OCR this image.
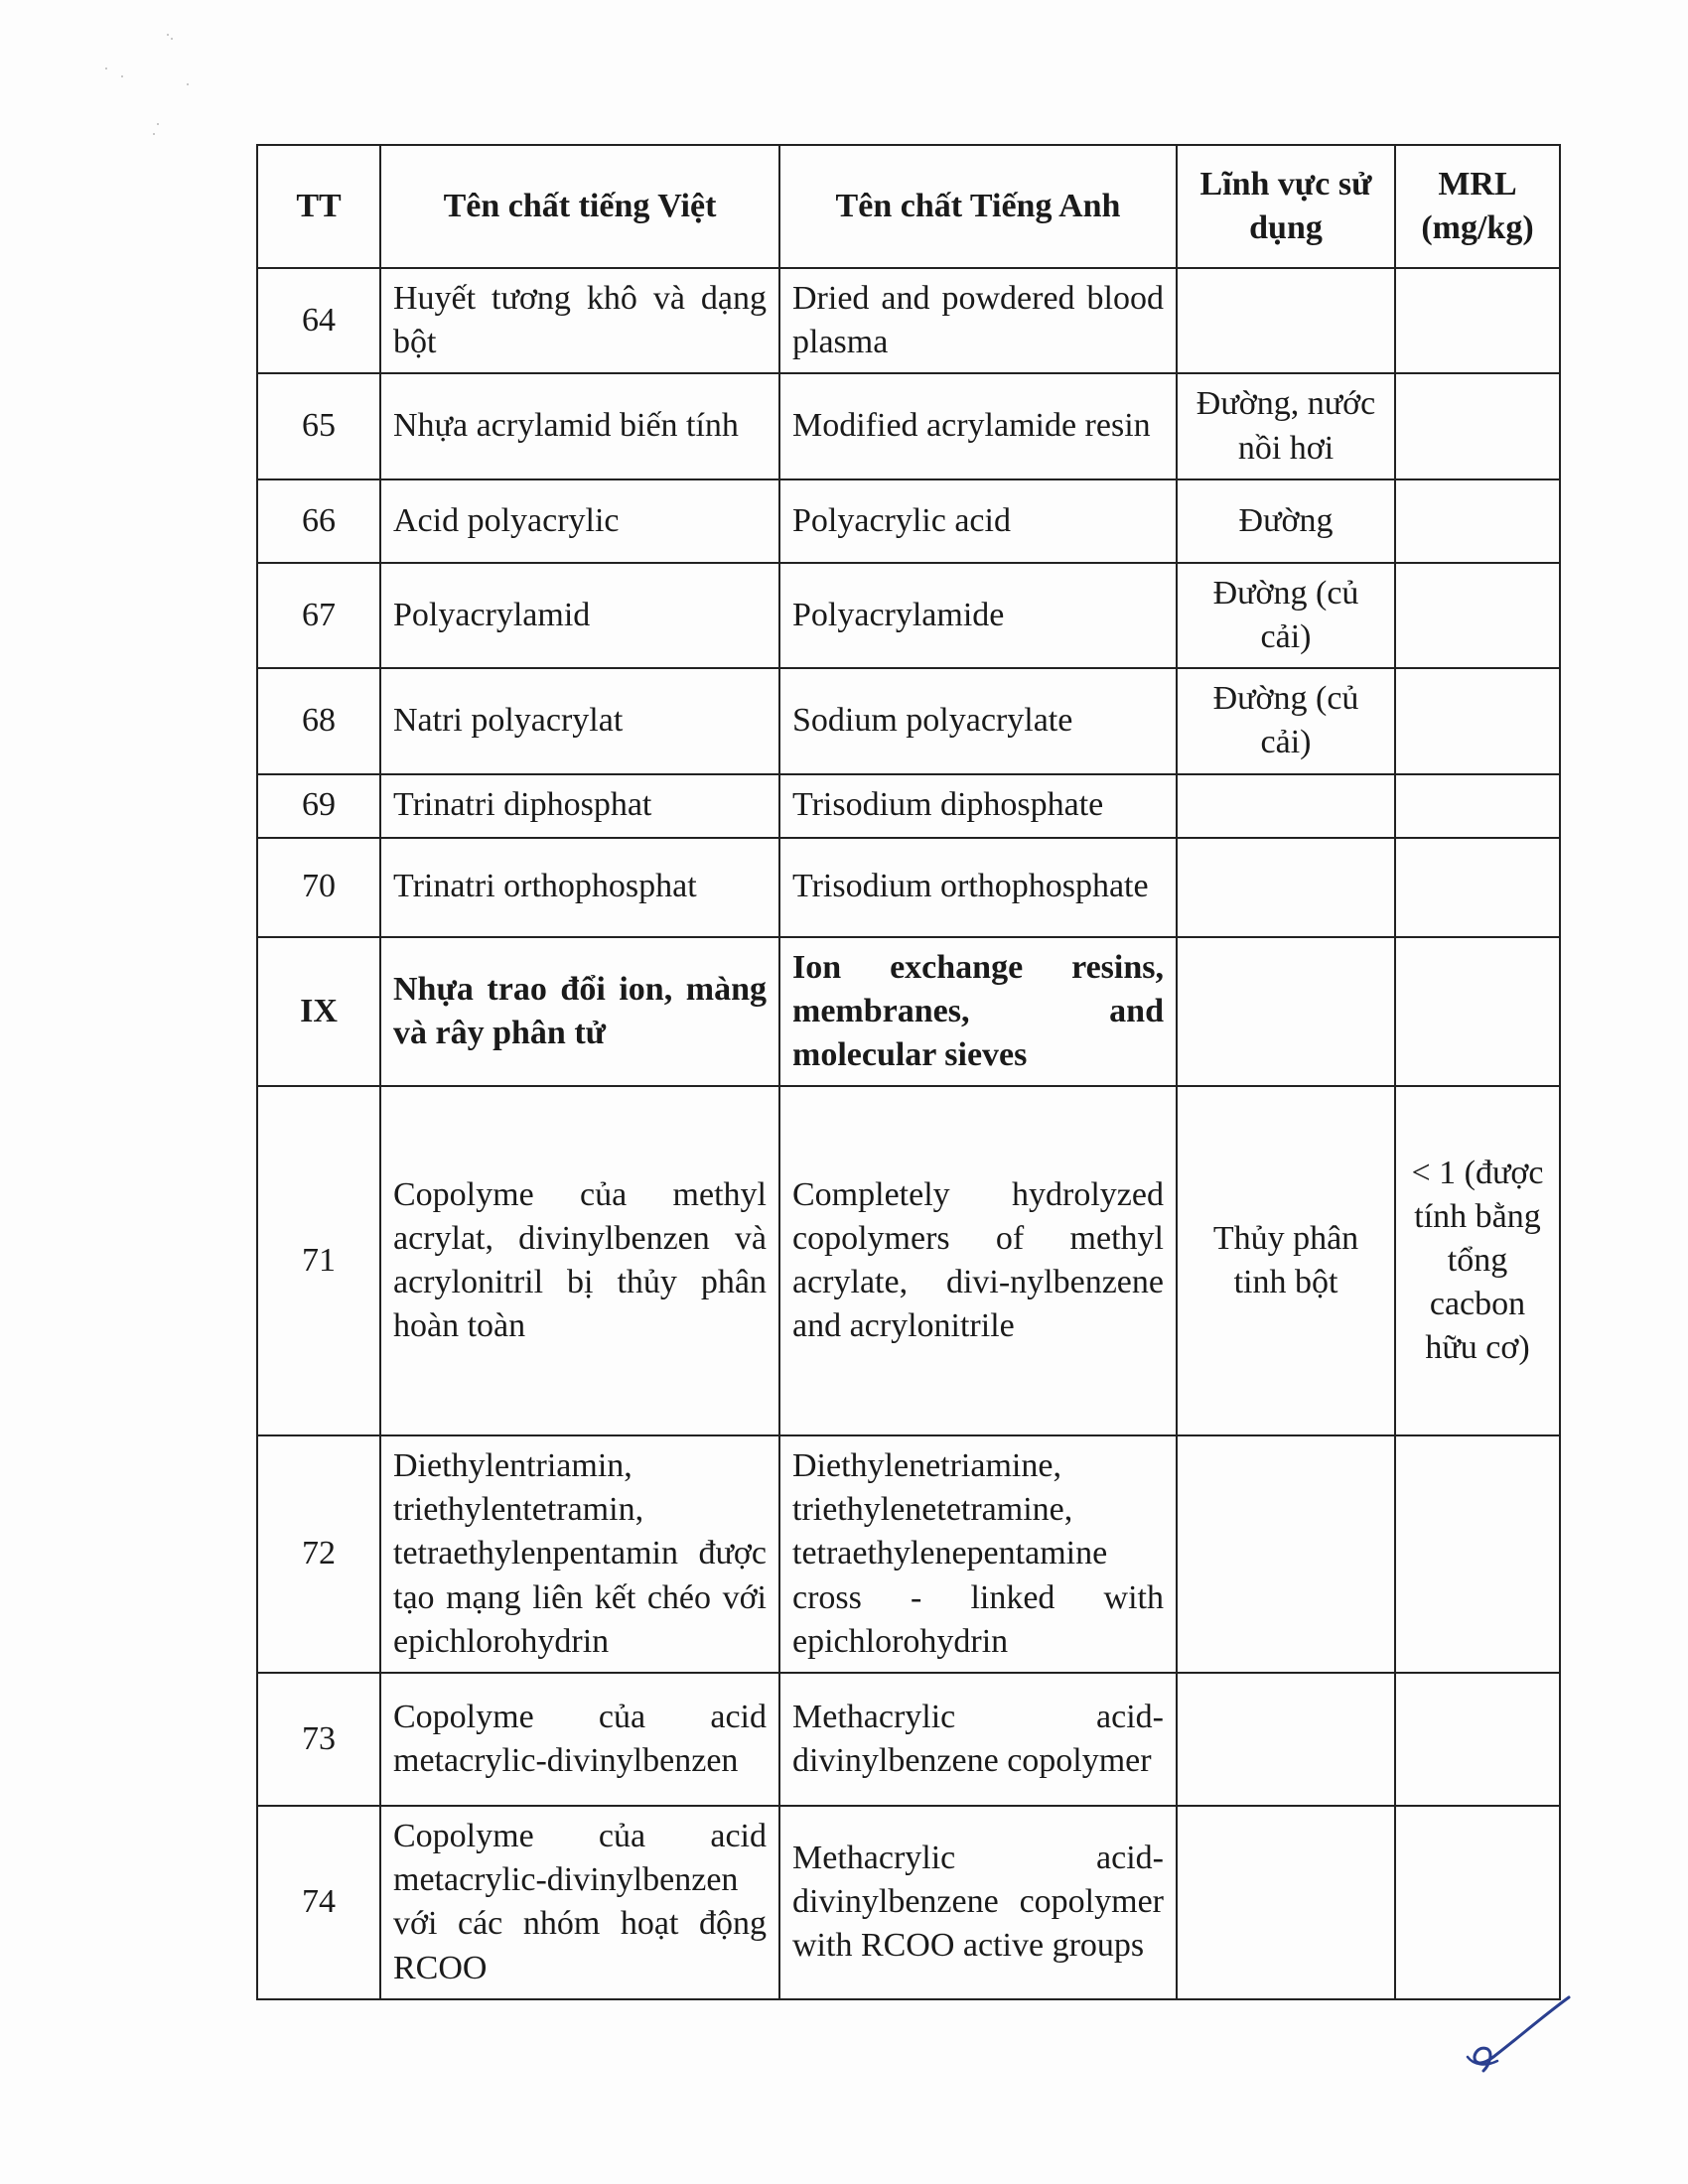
TT	Tên chất tiếng Việt	Tên chất Tiếng Anh	Lĩnh vực sử dụng	MRL (mg/kg)
64	Huyết tương khô và dạng bột	Dried and powdered blood plasma		
65	Nhựa acrylamid biến tính	Modified acrylamide resin	Đường, nước nồi hơi	
66	Acid polyacrylic	Polyacrylic acid	Đường	
67	Polyacrylamid	Polyacrylamide	Đường (củ cải)	
68	Natri polyacrylat	Sodium polyacrylate	Đường (củ cải)	
69	Trinatri diphosphat	Trisodium diphosphate		
70	Trinatri orthophosphat	Trisodium orthophosphate		
IX	Nhựa trao đổi ion, màng và rây phân tử	Ion exchange resins, membranes, and molecular sieves		
71	Copolyme của methyl acrylat, divinylbenzen và acrylonitril bị thủy phân hoàn toàn	Completely hydrolyzed copolymers of methyl acrylate, divi-nylbenzene and acrylonitrile	Thủy phân tinh bột	< 1 (được tính bằng tổng cacbon hữu cơ)
72	Diethylentriamin, triethylentetramin, tetraethylenpentamin được tạo mạng liên kết chéo với epichlorohydrin	Diethylenetriamine, triethylenetetramine, tetraethylenepentamine cross - linked with epichlorohydrin		
73	Copolyme của acid metacrylic-divinylbenzen	Methacrylic acid-divinylbenzene copolymer		
74	Copolyme của acid metacrylic-divinylbenzen với các nhóm hoạt động RCOO	Methacrylic acid-divinylbenzene copolymer with RCOO active groups		
